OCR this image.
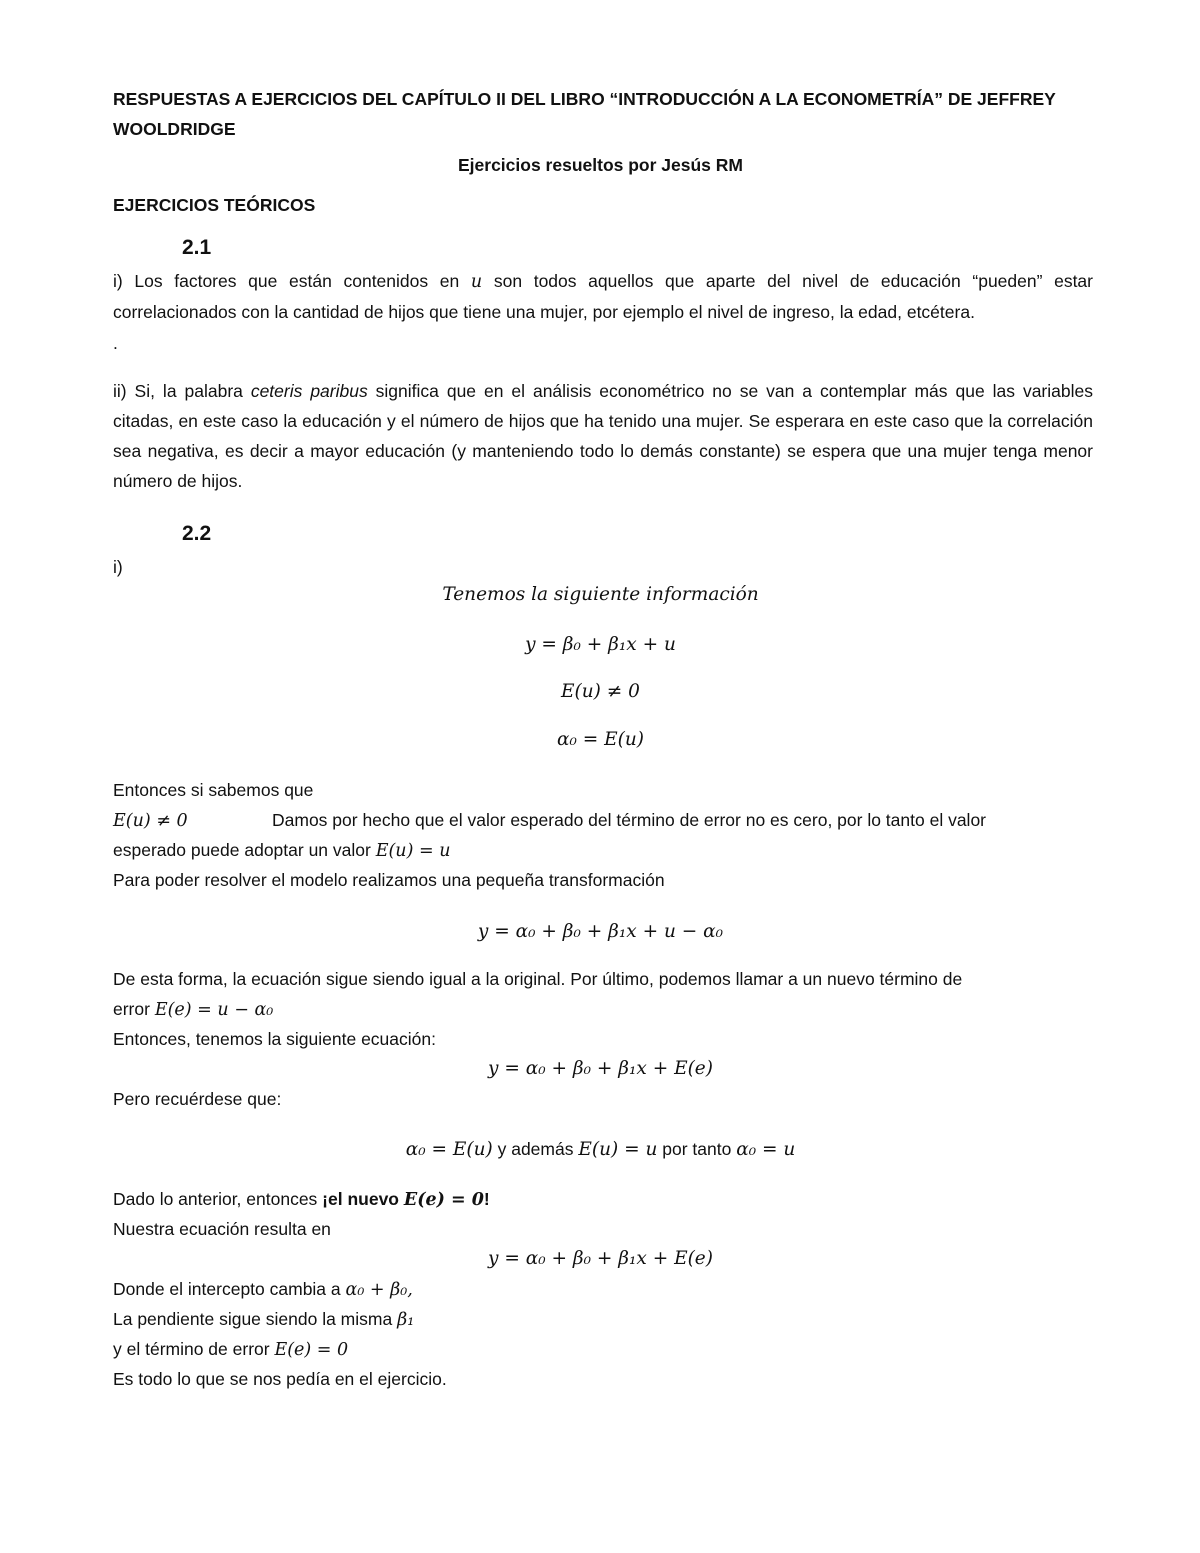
RESPUESTAS A EJERCICIOS DEL CAPÍTULO II DEL LIBRO “INTRODUCCIÓN A LA ECONOMETRÍA” DE JEFFREY
WOOLDRIDGE

Ejercicios resueltos por Jesús RM

EJERCICIOS TEÓRICOS

2.1

i) Los factores que están contenidos en u son todos aquellos que aparte del nivel de educación “pueden” estar correlacionados con la cantidad de hijos que tiene una mujer, por ejemplo el nivel de ingreso, la edad, etcétera.

.

ii) Si, la palabra ceteris paribus significa que en el análisis econométrico no se van a contemplar más que las variables citadas, en este caso la educación y el número de hijos que ha tenido una mujer. Se esperara en este caso que la correlación sea negativa, es decir a mayor educación (y manteniendo todo lo demás constante) se espera que una mujer tenga menor número de hijos.

2.2

i)

Tenemos la siguiente información

y = β₀ + β₁x + u

E(u) ≠ 0

α₀ = E(u)

Entonces si sabemos que

E(u) ≠ 0	Damos por hecho que el valor esperado del término de error no es cero, por lo tanto el valor

esperado puede adoptar un valor E(u) = u

Para poder resolver el modelo realizamos una pequeña transformación

y = α₀ + β₀ + β₁x + u − α₀

De esta forma, la ecuación sigue siendo igual a la original. Por último, podemos llamar a un nuevo término de

error E(e) = u − α₀

Entonces, tenemos la siguiente ecuación:

y = α₀ + β₀ + β₁x + E(e)

Pero recuérdese que:

α₀ = E(u) y además E(u) = u por tanto α₀ = u

Dado lo anterior, entonces ¡el nuevo E(e) = 0!

Nuestra ecuación resulta en

y = α₀ + β₀ + β₁x + E(e)

Donde el intercepto cambia a α₀ + β₀,

La pendiente sigue siendo la misma β₁

y el término de error E(e) = 0

Es todo lo que se nos pedía en el ejercicio.
